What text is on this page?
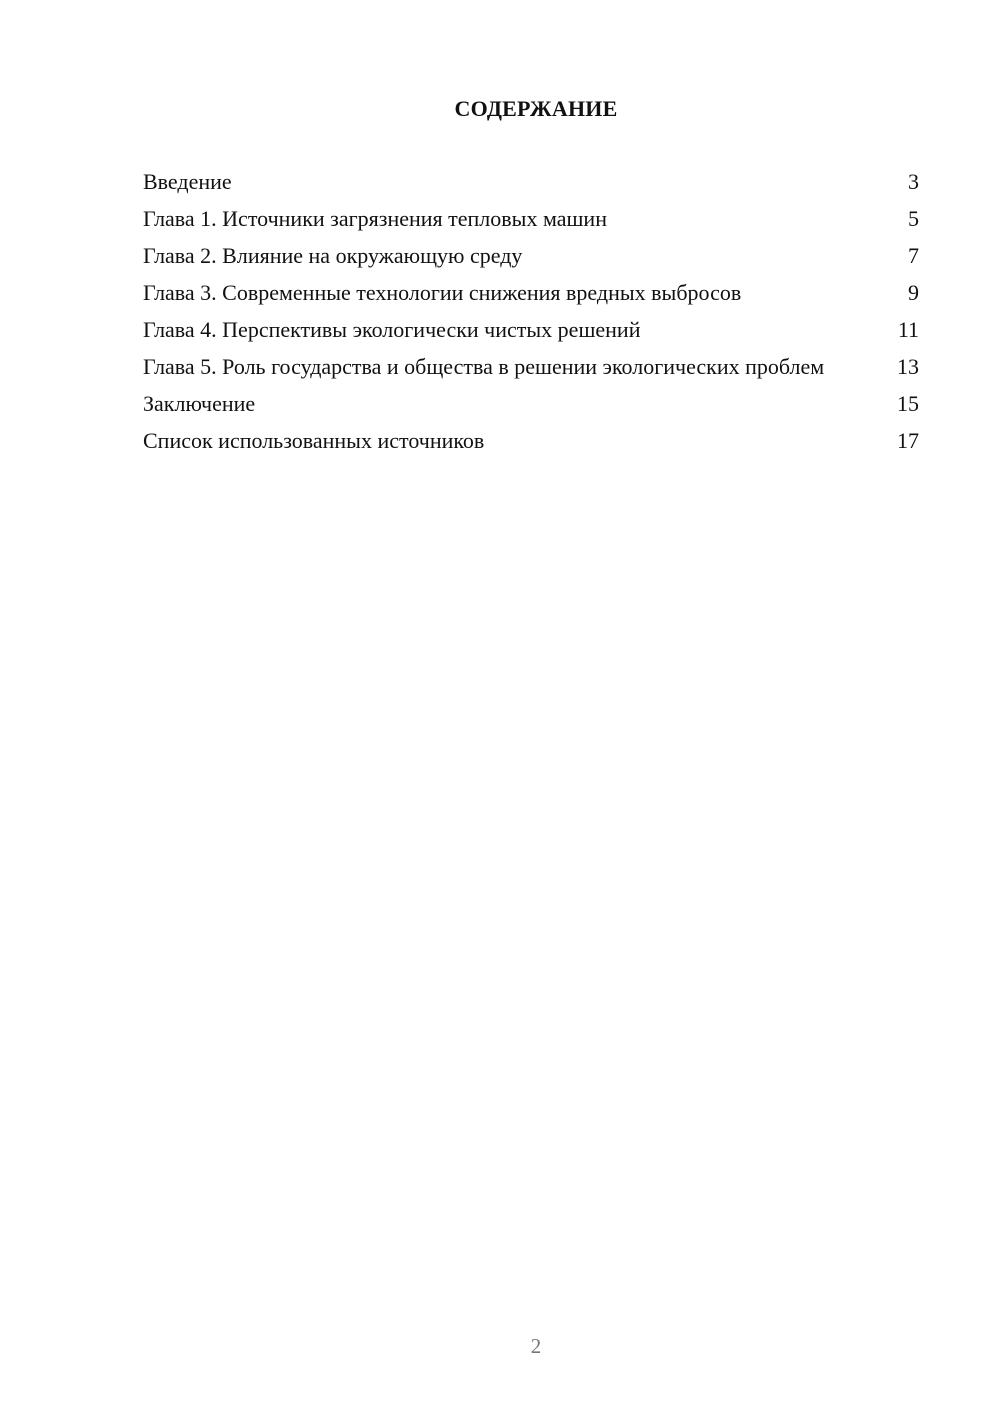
СОДЕРЖАНИЕ
Введение	3
Глава 1. Источники загрязнения тепловых машин	5
Глава 2. Влияние на окружающую среду	7
Глава 3. Современные технологии снижения вредных выбросов	9
Глава 4. Перспективы экологически чистых решений	11
Глава 5. Роль государства и общества в решении экологических проблем	13
Заключение	15
Список использованных источников	17
2
